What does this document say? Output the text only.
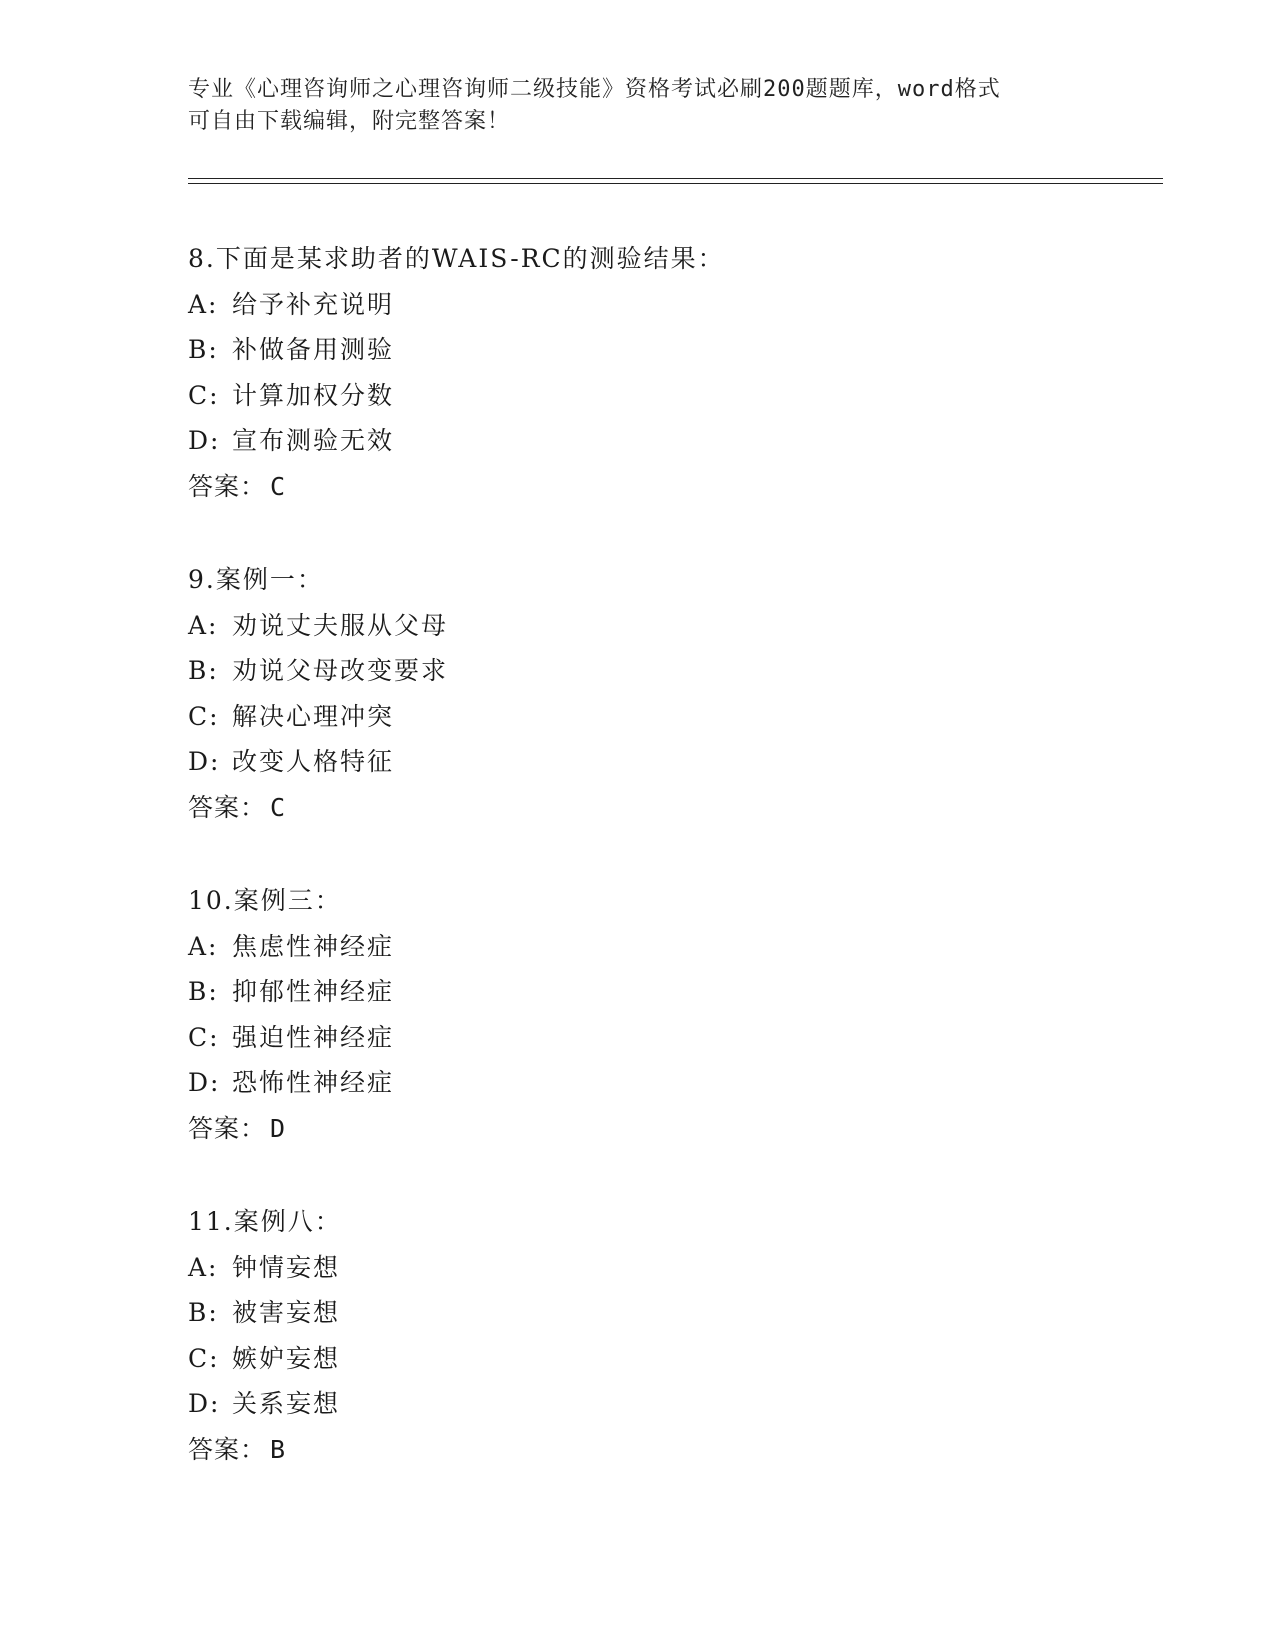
专业《心理咨询师之心理咨询师二级技能》资格考试必刷200题题库，word格式
可自由下载编辑，附完整答案！
8.下面是某求助者的WAIS-RC的测验结果：
A: 给予补充说明
B: 补做备用测验
C: 计算加权分数
D: 宣布测验无效
答案： C
9.案例一：
A: 劝说丈夫服从父母
B: 劝说父母改变要求
C: 解决心理冲突
D: 改变人格特征
答案： C
10.案例三：
A: 焦虑性神经症
B: 抑郁性神经症
C: 强迫性神经症
D: 恐怖性神经症
答案： D
11.案例八：
A: 钟情妄想
B: 被害妄想
C: 嫉妒妄想
D: 关系妄想
答案： B
